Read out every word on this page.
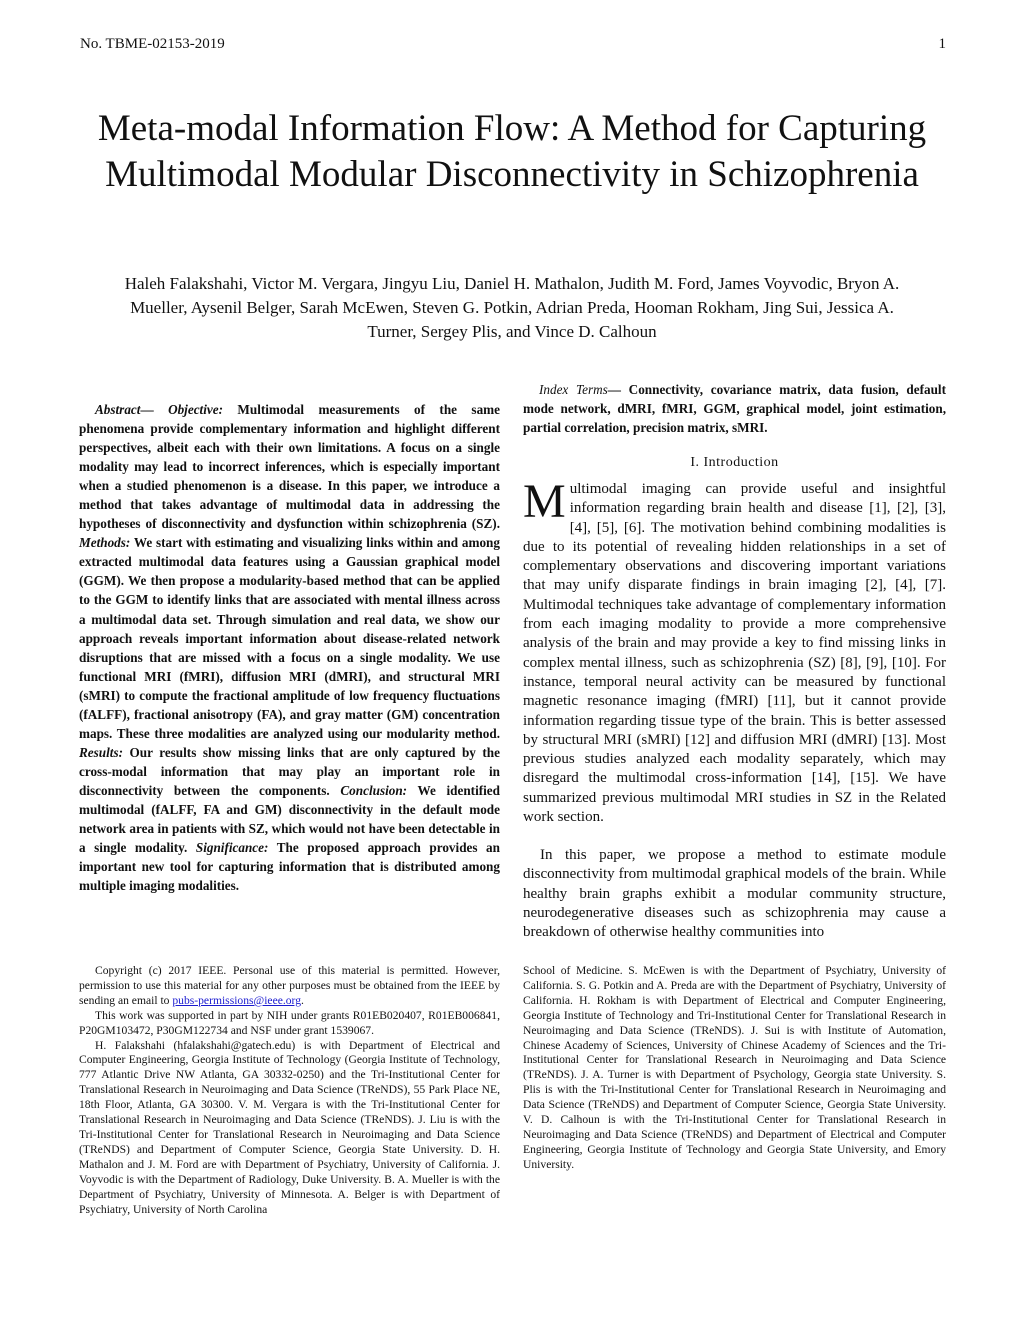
No. TBME-02153-2019	1
Meta-modal Information Flow: A Method for Capturing Multimodal Modular Disconnectivity in Schizophrenia
Haleh Falakshahi, Victor M. Vergara, Jingyu Liu, Daniel H. Mathalon, Judith M. Ford, James Voyvodic, Bryon A. Mueller, Aysenil Belger, Sarah McEwen, Steven G. Potkin, Adrian Preda, Hooman Rokham, Jing Sui, Jessica A. Turner, Sergey Plis, and Vince D. Calhoun
Abstract— Objective: Multimodal measurements of the same phenomena provide complementary information and highlight different perspectives, albeit each with their own limitations. A focus on a single modality may lead to incorrect inferences, which is especially important when a studied phenomenon is a disease. In this paper, we introduce a method that takes advantage of multimodal data in addressing the hypotheses of disconnectivity and dysfunction within schizophrenia (SZ). Methods: We start with estimating and visualizing links within and among extracted multimodal data features using a Gaussian graphical model (GGM). We then propose a modularity-based method that can be applied to the GGM to identify links that are associated with mental illness across a multimodal data set. Through simulation and real data, we show our approach reveals important information about disease-related network disruptions that are missed with a focus on a single modality. We use functional MRI (fMRI), diffusion MRI (dMRI), and structural MRI (sMRI) to compute the fractional amplitude of low frequency fluctuations (fALFF), fractional anisotropy (FA), and gray matter (GM) concentration maps. These three modalities are analyzed using our modularity method. Results: Our results show missing links that are only captured by the cross-modal information that may play an important role in disconnectivity between the components. Conclusion: We identified multimodal (fALFF, FA and GM) disconnectivity in the default mode network area in patients with SZ, which would not have been detectable in a single modality. Significance: The proposed approach provides an important new tool for capturing information that is distributed among multiple imaging modalities.
Index Terms— Connectivity, covariance matrix, data fusion, default mode network, dMRI, fMRI, GGM, graphical model, joint estimation, partial correlation, precision matrix, sMRI.
I. Introduction
Multimodal imaging can provide useful and insightful information regarding brain health and disease [1], [2], [3], [4], [5], [6]. The motivation behind combining modalities is due to its potential of revealing hidden relationships in a set of complementary observations and discovering important variations that may unify disparate findings in brain imaging [2], [4], [7]. Multimodal techniques take advantage of complementary information from each imaging modality to provide a more comprehensive analysis of the brain and may provide a key to find missing links in complex mental illness, such as schizophrenia (SZ) [8], [9], [10]. For instance, temporal neural activity can be measured by functional magnetic resonance imaging (fMRI) [11], but it cannot provide information regarding tissue type of the brain. This is better assessed by structural MRI (sMRI) [12] and diffusion MRI (dMRI) [13]. Most previous studies analyzed each modality separately, which may disregard the multimodal cross-information [14], [15]. We have summarized previous multimodal MRI studies in SZ in the Related work section.
In this paper, we propose a method to estimate module disconnectivity from multimodal graphical models of the brain. While healthy brain graphs exhibit a modular community structure, neurodegenerative diseases such as schizophrenia may cause a breakdown of otherwise healthy communities into

Copyright (c) 2017 IEEE. Personal use of this material is permitted. However, permission to use this material for any other purposes must be obtained from the IEEE by sending an email to pubs-permissions@ieee.org.

This work was supported in part by NIH under grants R01EB020407, R01EB006841, P20GM103472, P30GM122734 and NSF under grant 1539067.

H. Falakshahi (hfalakshahi@gatech.edu) is with Department of Electrical and Computer Engineering, Georgia Institute of Technology (Georgia Institute of Technology, 777 Atlantic Drive NW Atlanta, GA 30332-0250) and the Tri-Institutional Center for Translational Research in Neuroimaging and Data Science (TReNDS), 55 Park Place NE, 18th Floor, Atlanta, GA 30300. V. M. Vergara is with the Tri-Institutional Center for Translational Research in Neuroimaging and Data Science (TReNDS). J. Liu is with the Tri-Institutional Center for Translational Research in Neuroimaging and Data Science (TReNDS) and Department of Computer Science, Georgia State University. D. H. Mathalon and J. M. Ford are with Department of Psychiatry, University of California. J. Voyvodic is with the Department of Radiology, Duke University. B. A. Mueller is with the Department of Psychiatry, University of Minnesota. A. Belger is with Department of Psychiatry, University of North Carolina

School of Medicine. S. McEwen is with the Department of Psychiatry, University of California. S. G. Potkin and A. Preda are with the Department of Psychiatry, University of California. H. Rokham is with Department of Electrical and Computer Engineering, Georgia Institute of Technology and Tri-Institutional Center for Translational Research in Neuroimaging and Data Science (TReNDS). J. Sui is with Institute of Automation, Chinese Academy of Sciences, University of Chinese Academy of Sciences and the Tri-Institutional Center for Translational Research in Neuroimaging and Data Science (TReNDS). J. A. Turner is with Department of Psychology, Georgia state University. S. Plis is with the Tri-Institutional Center for Translational Research in Neuroimaging and Data Science (TReNDS) and Department of Computer Science, Georgia State University. V. D. Calhoun is with the Tri-Institutional Center for Translational Research in Neuroimaging and Data Science (TReNDS) and Department of Electrical and Computer Engineering, Georgia Institute of Technology and Georgia State University, and Emory University.
